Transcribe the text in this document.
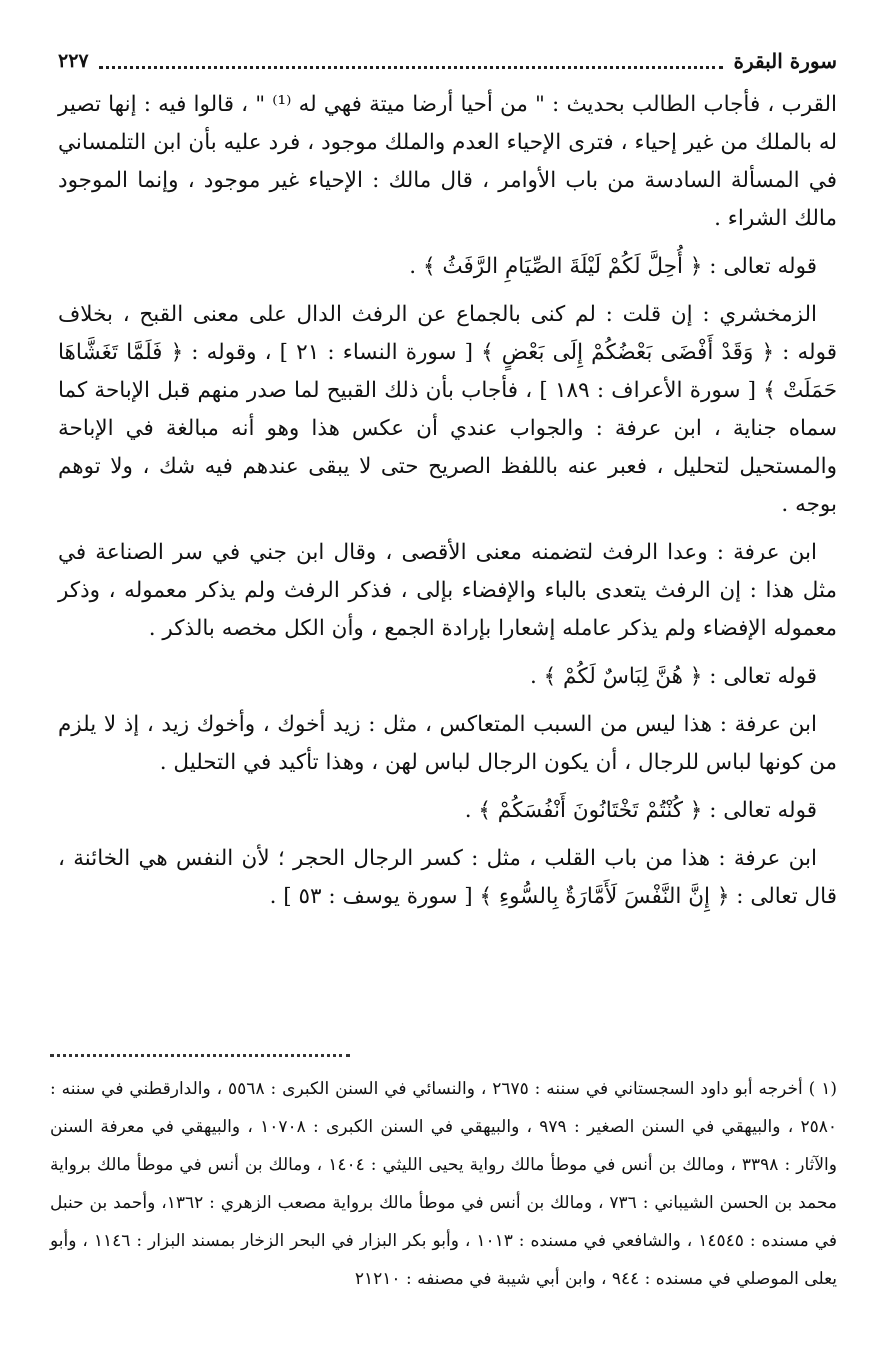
سورة البقرة
٢٢٧

القرب ، فأجاب الطالب بحديث : " من أحيا أرضا ميتة فهي له ⁽¹⁾ " ، قالوا فيه : إنها تصير له بالملك من غير إحياء ، فترى الإحياء العدم والملك موجود ، فرد عليه بأن ابن التلمساني في المسألة السادسة من باب الأوامر ، قال مالك : الإحياء غير موجود ، وإنما الموجود مالك الشراء .

قوله تعالى : ﴿ أُحِلَّ لَكُمْ لَيْلَةَ الصِّيَامِ الرَّفَثُ ﴾ .

الزمخشري : إن قلت : لم كنى بالجماع عن الرفث الدال على معنى القبح ، بخلاف قوله : ﴿ وَقَدْ أَفْضَى بَعْضُكُمْ إِلَى بَعْضٍ ﴾ [ سورة النساء : ٢١ ] ، وقوله : ﴿ فَلَمَّا تَغَشَّاهَا حَمَلَتْ ﴾ [ سورة الأعراف : ١٨٩ ] ، فأجاب بأن ذلك القبيح لما صدر منهم قبل الإباحة كما سماه جناية ، ابن عرفة : والجواب عندي أن عكس هذا وهو أنه مبالغة في الإباحة والمستحيل لتحليل ، فعبر عنه باللفظ الصريح حتى لا يبقى عندهم فيه شك ، ولا توهم بوجه .

ابن عرفة : وعدا الرفث لتضمنه معنى الأقصى ، وقال ابن جني في سر الصناعة في مثل هذا : إن الرفث يتعدى بالباء والإفضاء بإلى ، فذكر الرفث ولم يذكر معموله ، وذكر معموله الإفضاء ولم يذكر عامله إشعارا بإرادة الجمع ، وأن الكل مخصه بالذكر .

قوله تعالى : ﴿ هُنَّ لِبَاسٌ لَكُمْ ﴾ .

ابن عرفة : هذا ليس من السبب المتعاكس ، مثل : زيد أخوك ، وأخوك زيد ، إذ لا يلزم من كونها لباس للرجال ، أن يكون الرجال لباس لهن ، وهذا تأكيد في التحليل .

قوله تعالى : ﴿ كُنْتُمْ تَخْتَانُونَ أَنْفُسَكُمْ ﴾ .

ابن عرفة : هذا من باب القلب ، مثل : كسر الرجال الحجر ؛ لأن النفس هي الخائنة ، قال تعالى : ﴿ إِنَّ النَّفْسَ لَأَمَّارَةٌ بِالسُّوءِ ﴾ [ سورة يوسف : ٥٣ ] .

(١ ) أخرجه أبو داود السجستاني في سننه : ٢٦٧٥ ، والنسائي في السنن الكبرى : ٥٥٦٨ ، والدارقطني في سننه : ٢٥٨٠ ، والبيهقي في السنن الصغير : ٩٧٩ ، والبيهقي في السنن الكبرى : ١٠٧٠٨ ، والبيهقي في معرفة السنن والآثار : ٣٣٩٨ ، ومالك بن أنس في موطأ مالك رواية يحيى الليثي : ١٤٠٤ ، ومالك بن أنس في موطأ مالك برواية محمد بن الحسن الشيباني : ٧٣٦ ، ومالك بن أنس في موطأ مالك برواية مصعب الزهري : ١٣٦٢، وأحمد بن حنبل في مسنده : ١٤٥٤٥ ، والشافعي في مسنده : ١٠١٣ ، وأبو بكر البزار في البحر الزخار بمسند البزار : ١١٤٦ ، وأبو يعلى الموصلي في مسنده : ٩٤٤ ، وابن أبي شيبة في مصنفه : ٢١٢١٠
